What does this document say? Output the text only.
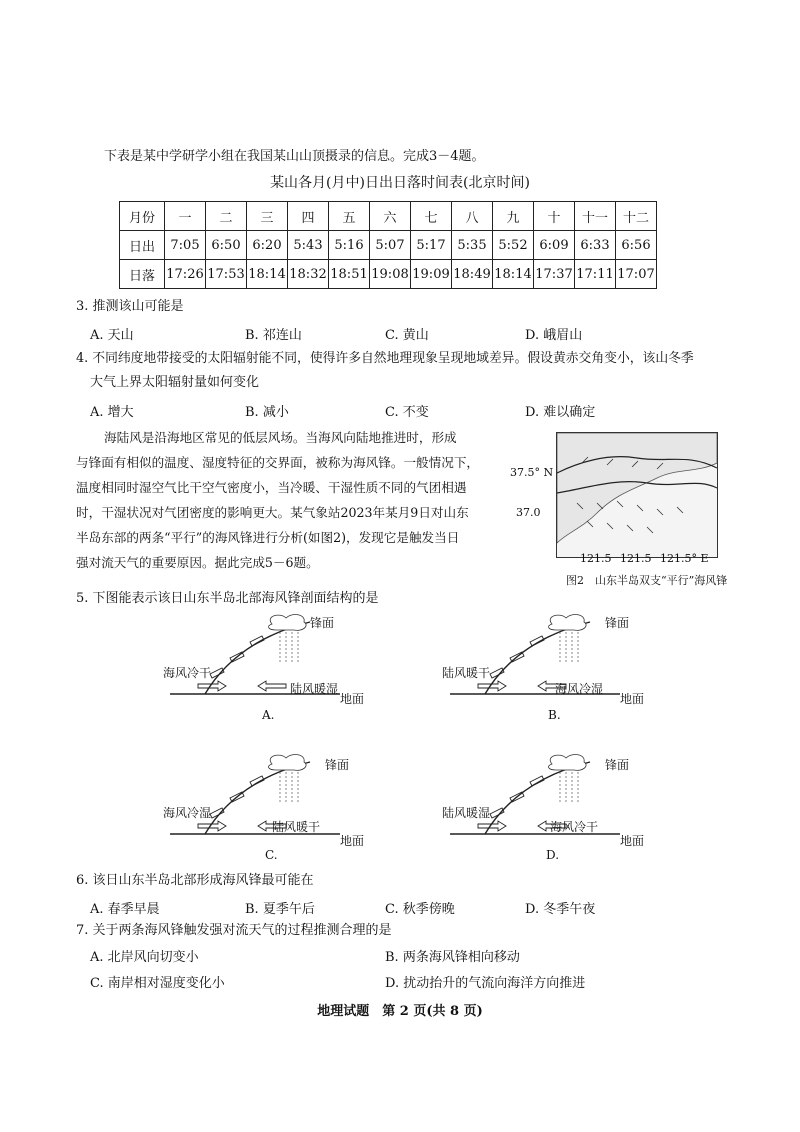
下表是某中学研学小组在我国某山山顶摄录的信息。完成3－4题。
某山各月(月中)日出日落时间表(北京时间)
月份	一	二	三	四	五	六	七	八	九	十	十一	十二
日出	7:05	6:50	6:20	5:43	5:16	5:07	5:17	5:35	5:52	6:09	6:33	6:56
日落	17:26	17:53	18:14	18:32	18:51	19:08	19:09	18:49	18:14	17:37	17:11	17:07
3. 推测该山可能是
A. 天山	B. 祁连山	C. 黄山	D. 峨眉山
4. 不同纬度地带接受的太阳辐射能不同，使得许多自然地理现象呈现地域差异。假设黄赤交角变小，该山冬季
大气上界太阳辐射量如何变化
A. 增大	B. 减小	C. 不变	D. 难以确定
海陆风是沿海地区常见的低层风场。当海风向陆地推进时，形成
与锋面有相似的温度、湿度特征的交界面，被称为海风锋。一般情况下，
温度相同时湿空气比干空气密度小，当冷暖、干湿性质不同的气团相遇
时，干湿状况对气团密度的影响更大。某气象站2023年某月9日对山东
半岛东部的两条“平行”的海风锋进行分析(如图2)，发现它是触发当日
强对流天气的重要原因。据此完成5－6题。
37.5° N
37.0
121.5 121.5 121.5° E
图2　山东半岛双支“平行”海风锋
5. 下图能表示该日山东半岛北部海风锋剖面结构的是
海风冷干
陆风暖湿
锋面
地面
A.
陆风暖干
海风冷湿
锋面
地面
B.
海风冷湿
陆风暖干
锋面
地面
C.
陆风暖湿
海风冷干
锋面
地面
D.
6. 该日山东半岛北部形成海风锋最可能在
A. 春季早晨	B. 夏季午后	C. 秋季傍晚	D. 冬季午夜
7. 关于两条海风锋触发强对流天气的过程推测合理的是
A. 北岸风向切变小	B. 两条海风锋相向移动
C. 南岸相对湿度变化小	D. 扰动抬升的气流向海洋方向推进
地理试题　第 2 页(共 8 页)
